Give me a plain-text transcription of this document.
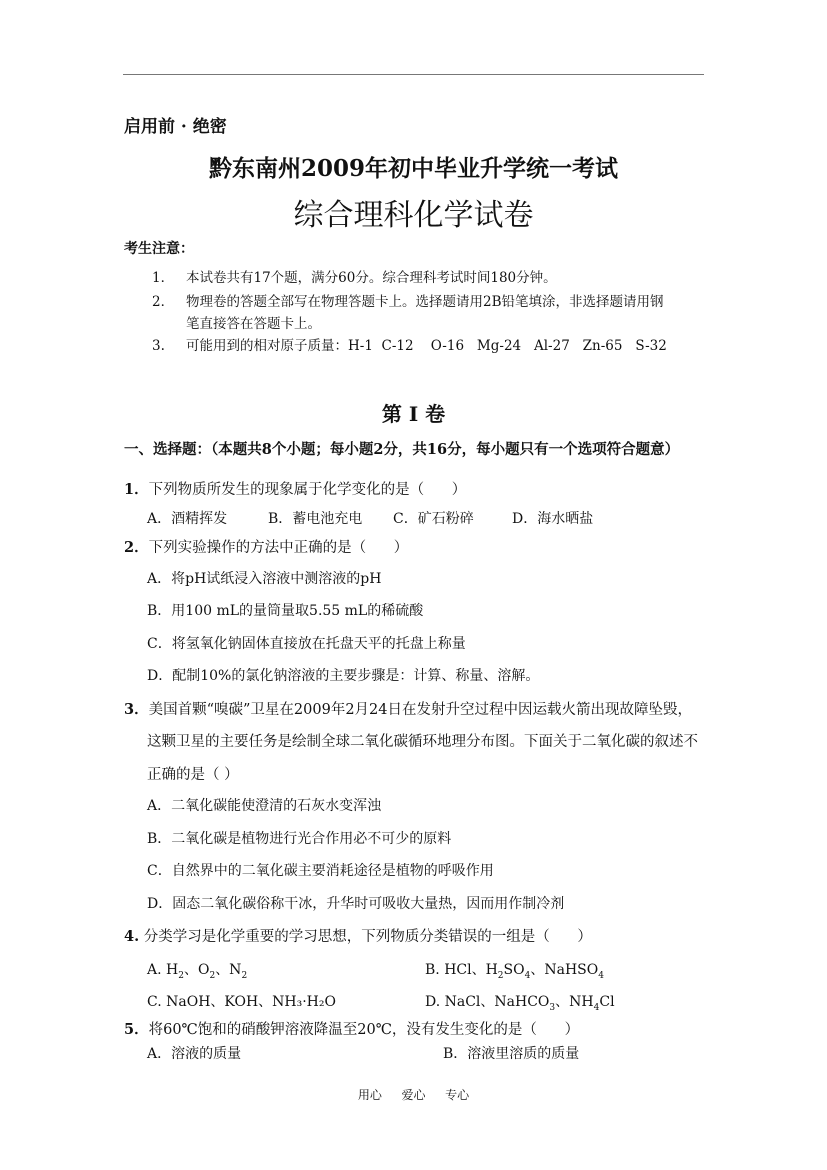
启用前 · 绝密
黔东南州2009年初中毕业升学统一考试
综合理科化学试卷
考生注意：
1． 本试卷共有17个题，满分60分。综合理科考试时间180分钟。
2． 物理卷的答题全部写在物理答题卡上。选择题请用2B铅笔填涂，非选择题请用钢
笔直接答在答题卡上。
3. 可能用到的相对原子质量：H-1  C-12    O-16   Mg-24   Al-27   Zn-65   S-32
第 I 卷
一、选择题：（本题共8个小题；每小题2分，共16分，每小题只有一个选项符合题意）
1．下列物质所发生的现象属于化学变化的是（      ）
A．酒精挥发	B．蓄电池充电 C．矿石粉碎	D．海水晒盐
2．下列实验操作的方法中正确的是（      ）
A．将pH试纸浸入溶液中测溶液的pH
B．用100 mL的量筒量取5.55 mL的稀硫酸
C．将氢氧化钠固体直接放在托盘天平的托盘上称量
D．配制10%的氯化钠溶液的主要步骤是：计算、称量、溶解。
3．美国首颗“嗅碳”卫星在2009年2月24日在发射升空过程中因运载火箭出现故障坠毁，
这颗卫星的主要任务是绘制全球二氧化碳循环地理分布图。下面关于二氧化碳的叙述不
正确的是（ ）
A．二氧化碳能使澄清的石灰水变浑浊
B．二氧化碳是植物进行光合作用必不可少的原料
C．自然界中的二氧化碳主要消耗途径是植物的呼吸作用
D．固态二氧化碳俗称干冰，升华时可吸收大量热，因而用作制冷剂
4. 分类学习是化学重要的学习思想，下列物质分类错误的一组是（      ）
A. $H_2$、$O_2$、$N_2$	B. HCl、$H_2SO_4$、NaHSO$_4$
C. NaOH、KOH、NH₃·H₂O	D. NaCl、NaHCO$_3$、$NH_4Cl$
5．将60℃饱和的硝酸钾溶液降温至20℃，没有发生变化的是（      ）
A．溶液的质量	B．溶液里溶质的质量
用心  爱心  专心
